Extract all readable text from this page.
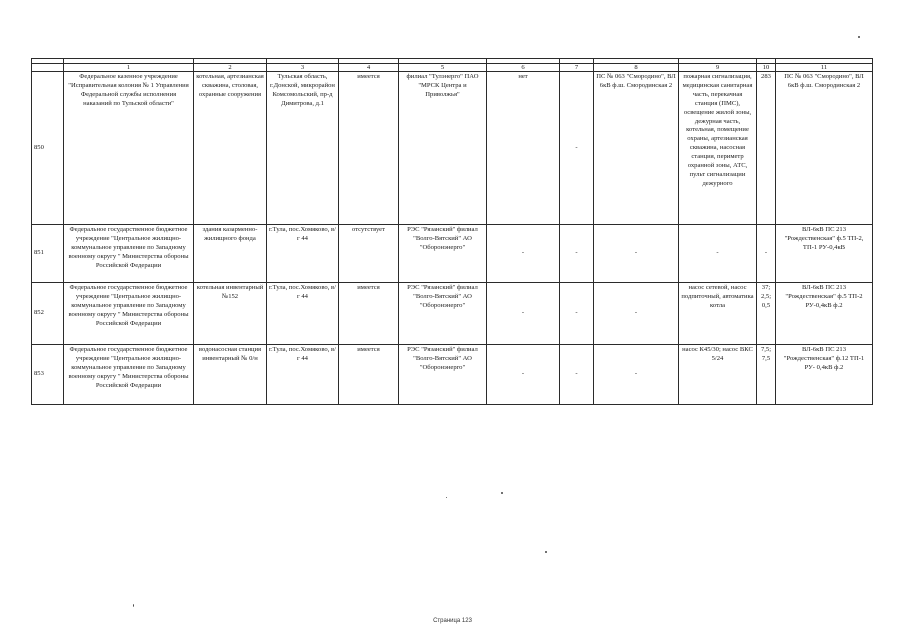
	1	2	3	4	5	6	7	8	9	10	11
850	Федеральное казенное учреждение "Исправительная колония № 1 Управления Федеральной службы исполнения наказаний по Тульской области"	котельная, артезианская скважина, столовая, охранные сооружения	Тульская область, г.Донской, микрорайон Комсомольский, пр-д Димитрова, д.1	имеется	филиал "Тулэнерго" ПАО "МРСК Центра и Приволжья"	нет	-	ПС № 063 "Смородино", ВЛ 6кВ ф.ш. Смородинская 2	пожарная сигнализация, медицинская санитарная часть, перекачная станция (ПМС), освещение жилой зоны, дежурная часть, котельная, помещение охраны, артезианская скважина, насосная станция, периметр охранной зоны, АТС, пульт сигнализации дежурного	283	ПС № 063 "Смородино", ВЛ 6кВ ф.ш. Смородинская 2
851	Федеральное государственное бюджетное учреждение "Центральное жилищно-коммунальное управление по Западному военному округу " Министерства обороны Российской Федерации	здания казарменно-жилищного фонда	г.Тула, пос.Хомяково, в/г 44	отсутствует	РЭС "Рязанский" филиал "Волго-Вятский" АО "Оборонэнерго"	-	-	-	-	-	ВЛ-6кВ ПС 213 "Рождественская" ф.5 ТП-2, ТП-1 РУ-0,4кВ
852	Федеральное государственное бюджетное учреждение "Центральное жилищно-коммунальное управление по Западному военному округу " Министерства обороны Российской Федерации	котельная инвентарный №152	г.Тула, пос.Хомяково, в/г 44	имеется	РЭС "Рязанский" филиал "Волго-Вятский" АО "Оборонэнерго"	-	-	-	насос сетевой, насос подпиточный, автоматика котла	37; 2,5; 0,5	ВЛ-6кВ ПС 213 "Рождественская" ф.5 ТП-2 РУ-0,4кВ ф.2
853	Федеральное государственное бюджетное учреждение "Центральное жилищно-коммунальное управление по Западному военному округу " Министерства обороны Российской Федерации	водонасосная станция инвентарный № 0/н	г.Тула, пос.Хомяково, в/г 44	имеется	РЭС "Рязанский" филиал "Волго-Вятский" АО "Оборонэнерго"	-	-	-	насос К45/30; насос ВКС 5/24	7,5; 7,5	ВЛ-6кВ ПС 213 "Рождественская" ф.12 ТП-1 РУ- 0,4кВ ф.2
Страница 123
